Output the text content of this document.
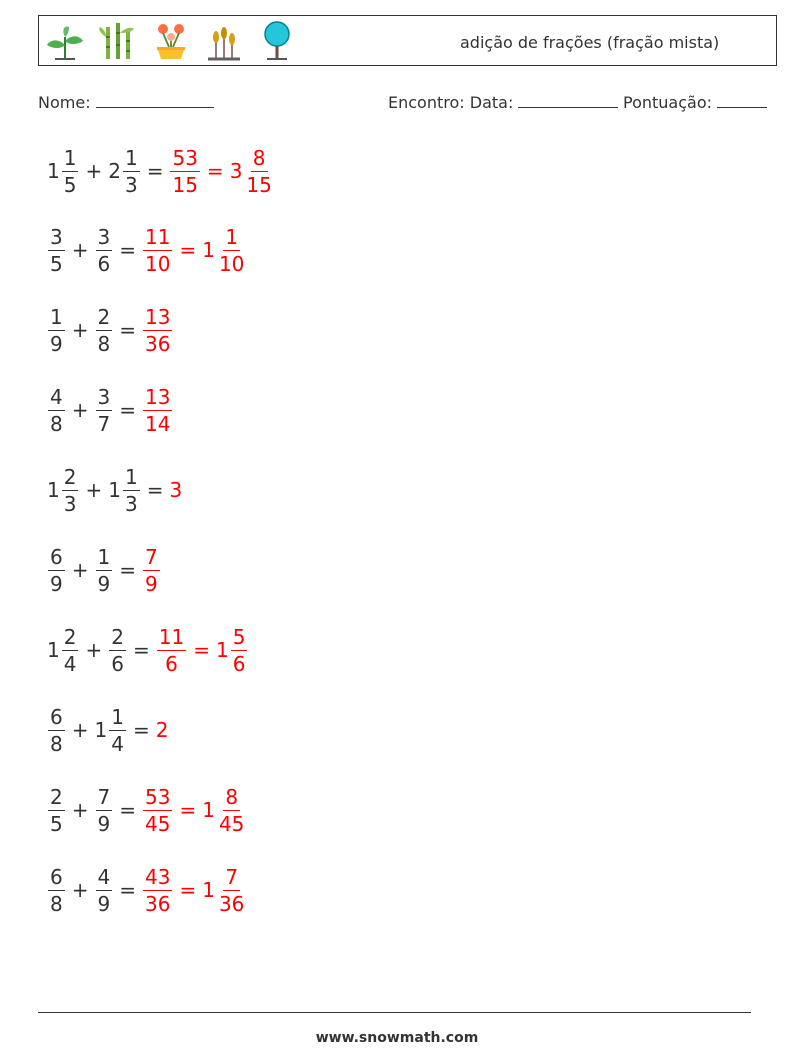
adição de frações (fração mista)
Nome:	Encontro: Data:	Pontuação:
$1 \frac{1}{5} + 2 \frac{1}{3} = \frac{53}{15} = 3 \frac{8}{15}$
$\frac{3}{5} + \frac{3}{6} = \frac{11}{10} = 1 \frac{1}{10}$
$\frac{1}{9} + \frac{2}{8} = \frac{13}{36}$
$\frac{4}{8} + \frac{3}{7} = \frac{13}{14}$
$1 \frac{2}{3} + 1 \frac{1}{3} = 3$
$\frac{6}{9} + \frac{1}{9} = \frac{7}{9}$
$1 \frac{2}{4} + \frac{2}{6} = \frac{11}{6} = 1 \frac{5}{6}$
$\frac{6}{8} + 1 \frac{1}{4} = 2$
$\frac{2}{5} + \frac{7}{9} = \frac{53}{45} = 1 \frac{8}{45}$
$\frac{6}{8} + \frac{4}{9} = \frac{43}{36} = 1 \frac{7}{36}$
www.snowmath.com
